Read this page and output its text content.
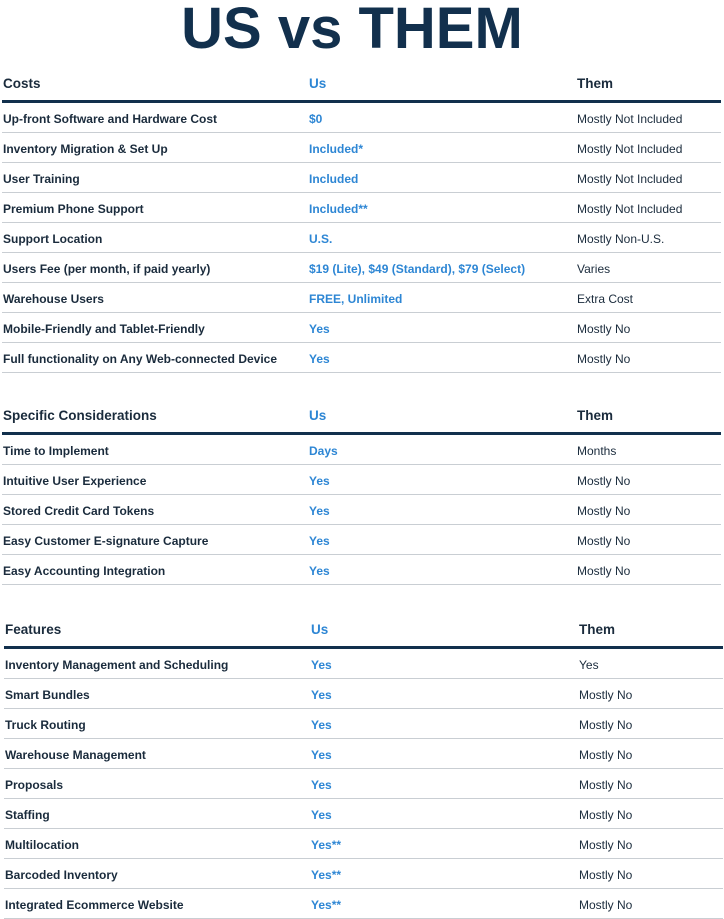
US vs THEM
Costs	Us	Them
Up-front Software and Hardware Cost	$0	Mostly Not Included
Inventory Migration & Set Up	Included*	Mostly Not Included
User Training	Included	Mostly Not Included
Premium Phone Support	Included**	Mostly Not Included
Support Location	U.S.	Mostly Non-U.S.
Users Fee (per month, if paid yearly)	$19 (Lite), $49 (Standard), $79 (Select)	Varies
Warehouse Users	FREE, Unlimited	Extra Cost
Mobile-Friendly and Tablet-Friendly	Yes	Mostly No
Full functionality on Any Web-connected Device	Yes	Mostly No
Specific Considerations	Us	Them
Time to Implement	Days	Months
Intuitive User Experience	Yes	Mostly No
Stored Credit Card Tokens	Yes	Mostly No
Easy Customer E-signature Capture	Yes	Mostly No
Easy Accounting Integration	Yes	Mostly No
Features	Us	Them
Inventory Management and Scheduling	Yes	Yes
Smart Bundles	Yes	Mostly No
Truck Routing	Yes	Mostly No
Warehouse Management	Yes	Mostly No
Proposals	Yes	Mostly No
Staffing	Yes	Mostly No
Multilocation	Yes**	Mostly No
Barcoded Inventory	Yes**	Mostly No
Integrated Ecommerce Website	Yes**	Mostly No
